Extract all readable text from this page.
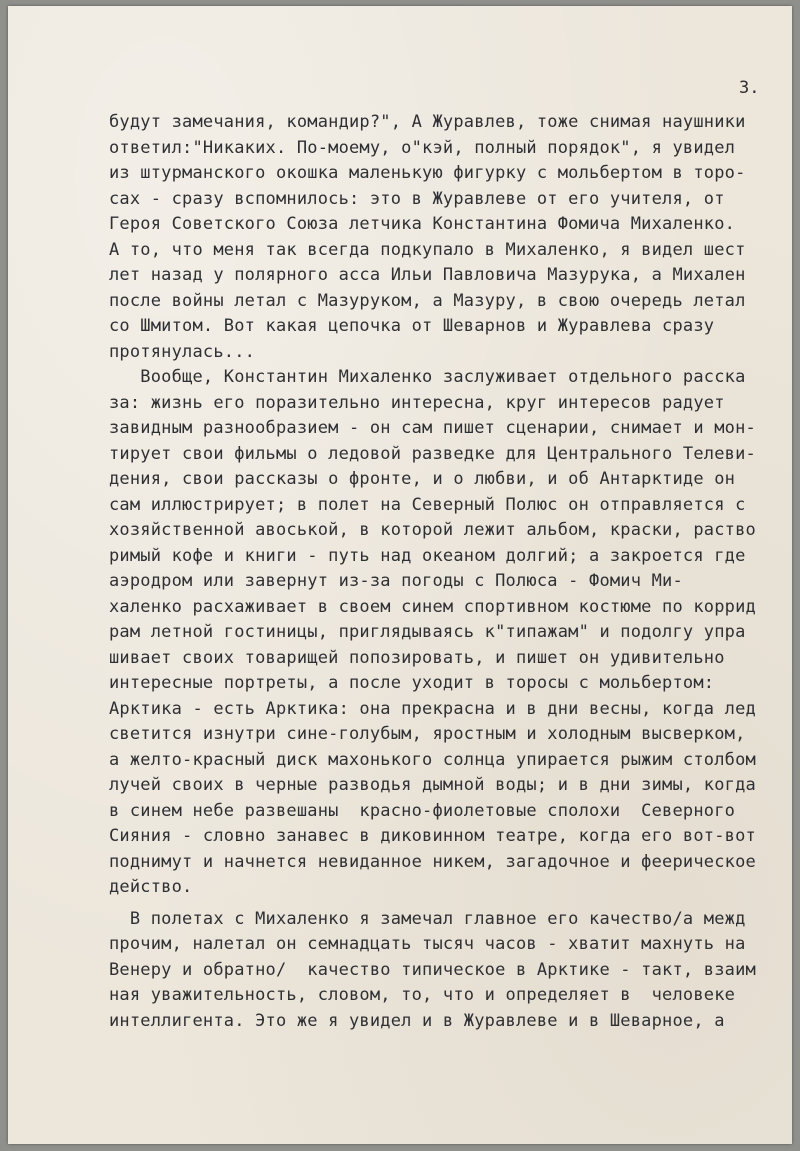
3.

будут замечания, командир?", А Журавлев, тоже снимая наушники
ответил:"Никаких. По-моему, о"кэй, полный порядок", я увидел
из штурманского окошка маленькую фигурку с мольбертом в торо-
сах - сразу вспомнилось: это в Журавлеве от его учителя, от
Героя Советского Союза летчика Константина Фомича Михаленко.
А то, что меня так всегда подкупало в Михаленко, я видел шест
лет назад у полярного асса Ильи Павловича Мазурука, а Михален
после войны летал с Мазуруком, а Мазуру, в свою очередь летал
со Шмитом. Вот какая цепочка от Шеварнов и Журавлева сразу
протянулась...
Вообще, Константин Михаленко заслуживает отдельного расска
за: жизнь его поразительно интересна, круг интересов радует
завидным разнообразием - он сам пишет сценарии, снимает и мон-
тирует свои фильмы о ледовой разведке для Центрального Телеви-
дения, свои рассказы о фронте, и о любви, и об Антарктиде он
сам иллюстрирует; в полет на Северный Полюс он отправляется с
хозяйственной авоськой, в которой лежит альбом, краски, раство
римый кофе и книги - путь над океаном долгий; а закроется где
аэродром или завернут из-за погоды с Полюса - Фомич Ми-
халенко расхаживает в своем синем спортивном костюме по коррид
рам летной гостиницы, приглядываясь к"типажам" и подолгу упра
шивает своих товарищей попозировать, и пишет он удивительно
интересные портреты, а после уходит в торосы с мольбертом:
Арктика - есть Арктика: она прекрасна и в дни весны, когда лед
светится изнутри сине-голубым, яростным и холодным высверком,
а желто-красный диск махонького солнца упирается рыжим столбом
лучей своих в черные разводья дымной воды; и в дни зимы, когда
в синем небе развешаны  красно-фиолетовые сполохи  Северного
Сияния - словно занавес в диковинном театре, когда его вот-вот
поднимут и начнется невиданное никем, загадочное и феерическое
действо.
В полетах с Михаленко я замечал главное его качество/а межд
прочим, налетал он семнадцать тысяч часов - хватит махнуть на
Венеру и обратно/  качество типическое в Арктике - такт, взаим
ная уважительность, словом, то, что и определяет в  человеке
интеллигента. Это же я увидел и в Журавлеве и в Шеварное, а
